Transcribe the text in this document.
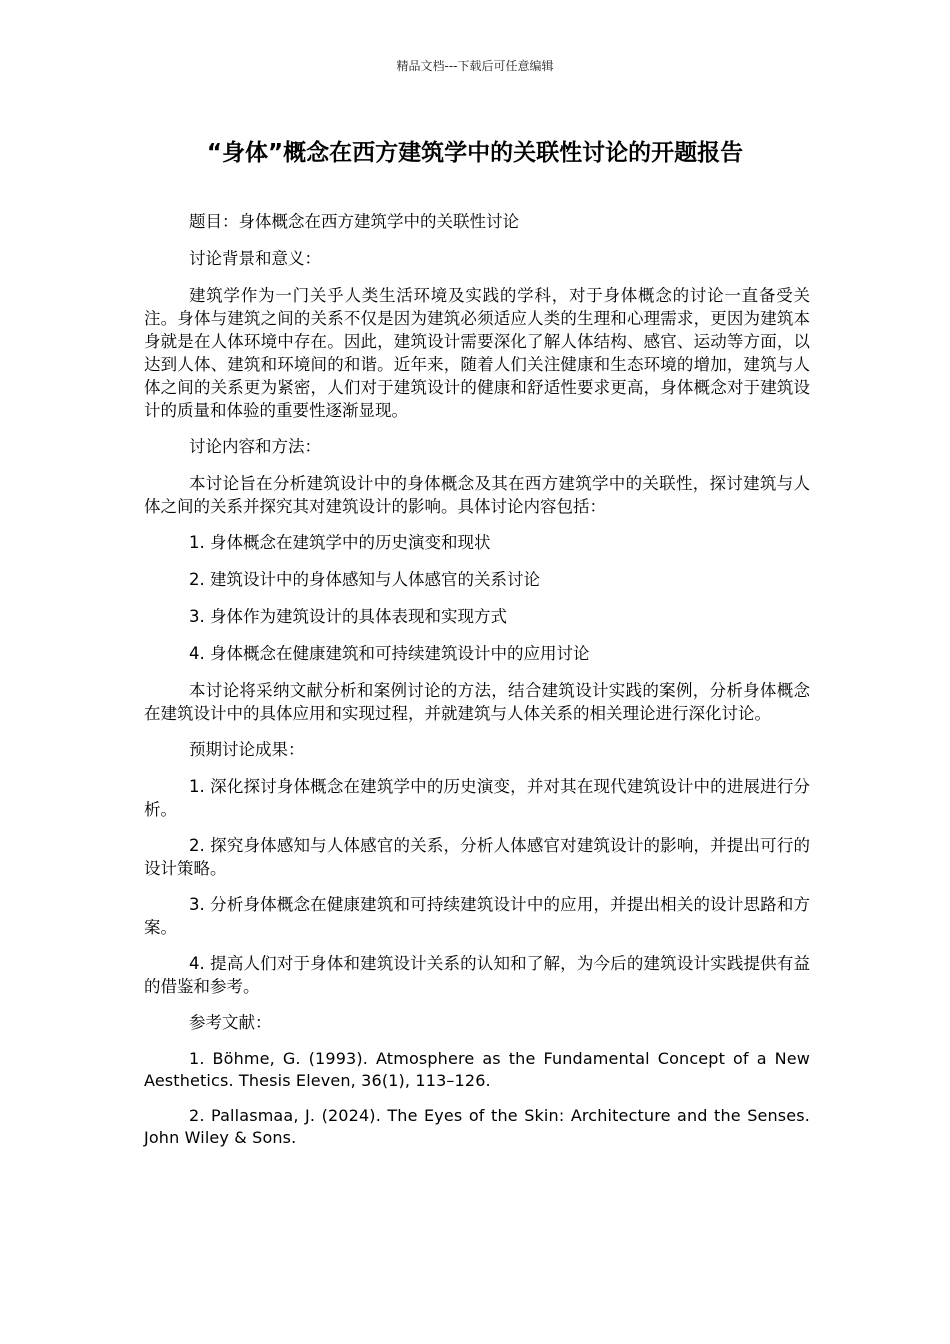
精品文档---下载后可任意编辑
“身体”概念在西方建筑学中的关联性讨论的开题报告

题目：身体概念在西方建筑学中的关联性讨论

讨论背景和意义：

建筑学作为一门关乎人类生活环境及实践的学科，对于身体概念的讨论一直备受关注。身体与建筑之间的关系不仅是因为建筑必须适应人类的生理和心理需求，更因为建筑本身就是在人体环境中存在。因此，建筑设计需要深化了解人体结构、感官、运动等方面，以达到人体、建筑和环境间的和谐。近年来，随着人们关注健康和生态环境的增加，建筑与人体之间的关系更为紧密，人们对于建筑设计的健康和舒适性要求更高，身体概念对于建筑设计的质量和体验的重要性逐渐显现。

讨论内容和方法：

本讨论旨在分析建筑设计中的身体概念及其在西方建筑学中的关联性，探讨建筑与人体之间的关系并探究其对建筑设计的影响。具体讨论内容包括：

1. 身体概念在建筑学中的历史演变和现状

2. 建筑设计中的身体感知与人体感官的关系讨论

3. 身体作为建筑设计的具体表现和实现方式

4. 身体概念在健康建筑和可持续建筑设计中的应用讨论

本讨论将采纳文献分析和案例讨论的方法，结合建筑设计实践的案例，分析身体概念在建筑设计中的具体应用和实现过程，并就建筑与人体关系的相关理论进行深化讨论。

预期讨论成果：

1. 深化探讨身体概念在建筑学中的历史演变，并对其在现代建筑设计中的进展进行分析。

2. 探究身体感知与人体感官的关系，分析人体感官对建筑设计的影响，并提出可行的设计策略。

3. 分析身体概念在健康建筑和可持续建筑设计中的应用，并提出相关的设计思路和方案。

4. 提高人们对于身体和建筑设计关系的认知和了解，为今后的建筑设计实践提供有益的借鉴和参考。

参考文献：

1. Böhme, G. (1993). Atmosphere as the Fundamental Concept of a New Aesthetics. Thesis Eleven, 36(1), 113–126.

2. Pallasmaa, J. (2024). The Eyes of the Skin: Architecture and the Senses. John Wiley & Sons.
